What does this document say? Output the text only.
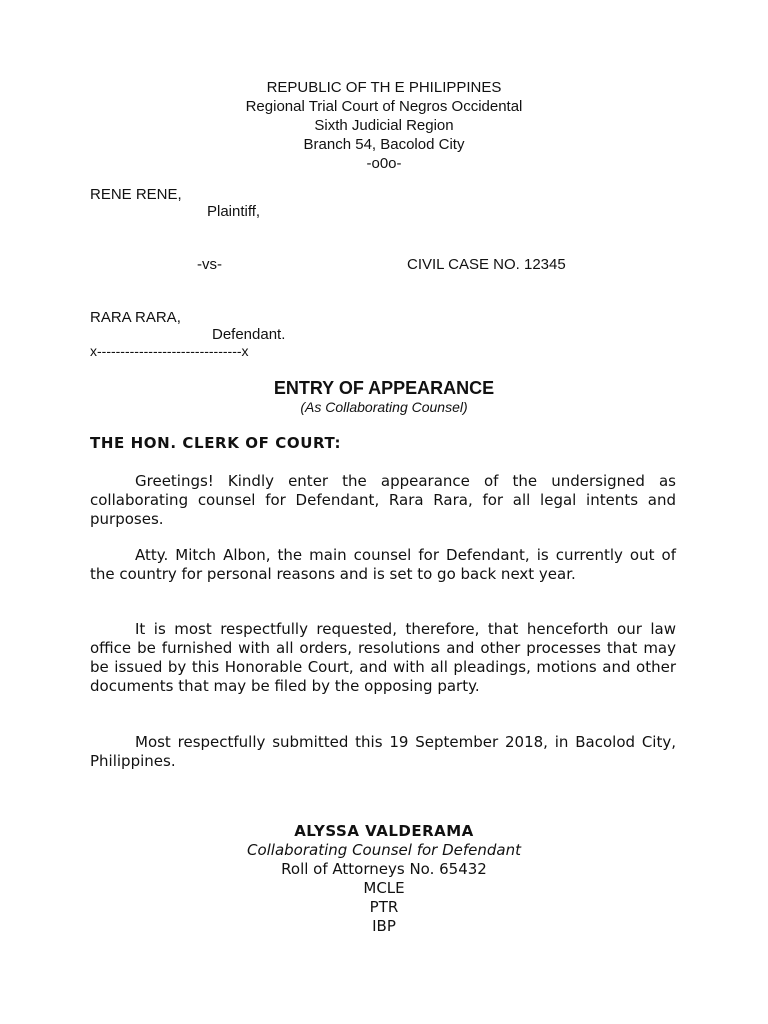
REPUBLIC OF TH E PHILIPPINES
Regional Trial Court of Negros Occidental
Sixth Judicial Region
Branch 54, Bacolod City
-o0o-
RENE RENE,
Plaintiff,
-vs-	CIVIL CASE NO. 12345
RARA RARA,
Defendant.
x-------------------------------x
ENTRY OF APPEARANCE
(As Collaborating Counsel)
THE HON. CLERK OF COURT:
Greetings! Kindly enter the appearance of the undersigned as collaborating counsel for Defendant, Rara Rara, for all legal intents and purposes.
Atty. Mitch Albon, the main counsel for Defendant, is currently out of the country for personal reasons and is set to go back next year.
It is most respectfully requested, therefore, that henceforth our law office be furnished with all orders, resolutions and other processes that may be issued by this Honorable Court, and with all pleadings, motions and other documents that may be filed by the opposing party.
Most respectfully submitted this 19 September 2018, in Bacolod City, Philippines.
ALYSSA VALDERAMA
Collaborating Counsel for Defendant
Roll of Attorneys No. 65432
MCLE
PTR
IBP
